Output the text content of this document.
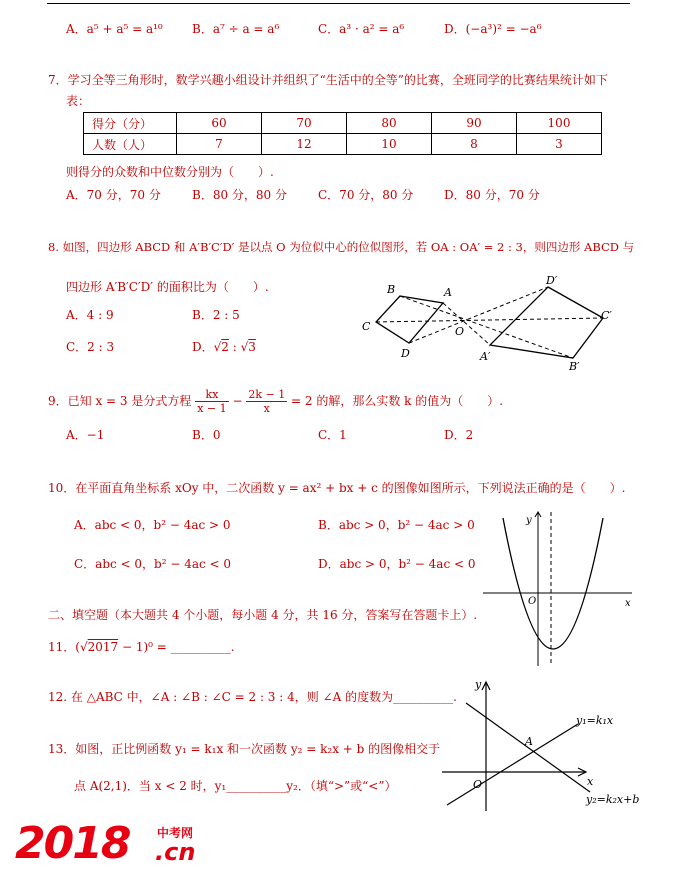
A．a⁵ + a⁵ = a¹⁰ B．a⁷ ÷ a = a⁶	C．a³ · a² = a⁶	D．(−a³)² = −a⁶
7．学习全等三角形时，数学兴趣小组设计并组织了“生活中的全等”的比赛，全班同学的比赛结果统计如下
表：
得分（分）	60	70	80	90	100
人数（人）	7	12	10	8	3
则得分的众数和中位数分别为（　　）.
A．70 分，70 分	B．80 分，80 分	C．70 分，80 分	D．80 分，70 分
8. 如图，四边形 ABCD 和 A′B′C′D′ 是以点 O 为位似中心的位似图形，若 OA : OA′ = 2 : 3，则四边形 ABCD 与
四边形 A′B′C′D′ 的面积比为（　　）.
A．4 : 9	B．2 : 5
C．2 : 3	D．√2 : √3
B	A
C	O
D
D′
C′
A′
B′
9．已知 x = 3 是分式方程 $\frac{kx}{x - 1} - \frac{2k - 1}{x} = 2$ 的解，那么实数 k 的值为（　　）.
A．−1	B．0	C．1	D．2
10．在平面直角坐标系 xOy 中，二次函数 y = ax² + bx + c 的图像如图所示，下列说法正确的是（　　）.
A．abc < 0，b² − 4ac > 0	B．abc > 0，b² − 4ac > 0
C．abc < 0，b² − 4ac < 0	D．abc > 0，b² − 4ac < 0
y
x
O
二、填空题（本大题共 4 个小题，每小题 4 分，共 16 分，答案写在答题卡上）.
11．(√2017 − 1)⁰ = __________.
12. 在 △ABC 中，∠A : ∠B : ∠C = 2 : 3 : 4，则 ∠A 的度数为__________.
13．如图，正比例函数 y₁ = k₁x 和一次函数 y₂ = k₂x + b 的图像相交于
点 A(2,1)．当 x < 2 时，y₁__________y₂．（填“>”或“<”）
y
x
O
A
y₁=k₁x
y₂=k₂x+b
2018 中考网
.cn
